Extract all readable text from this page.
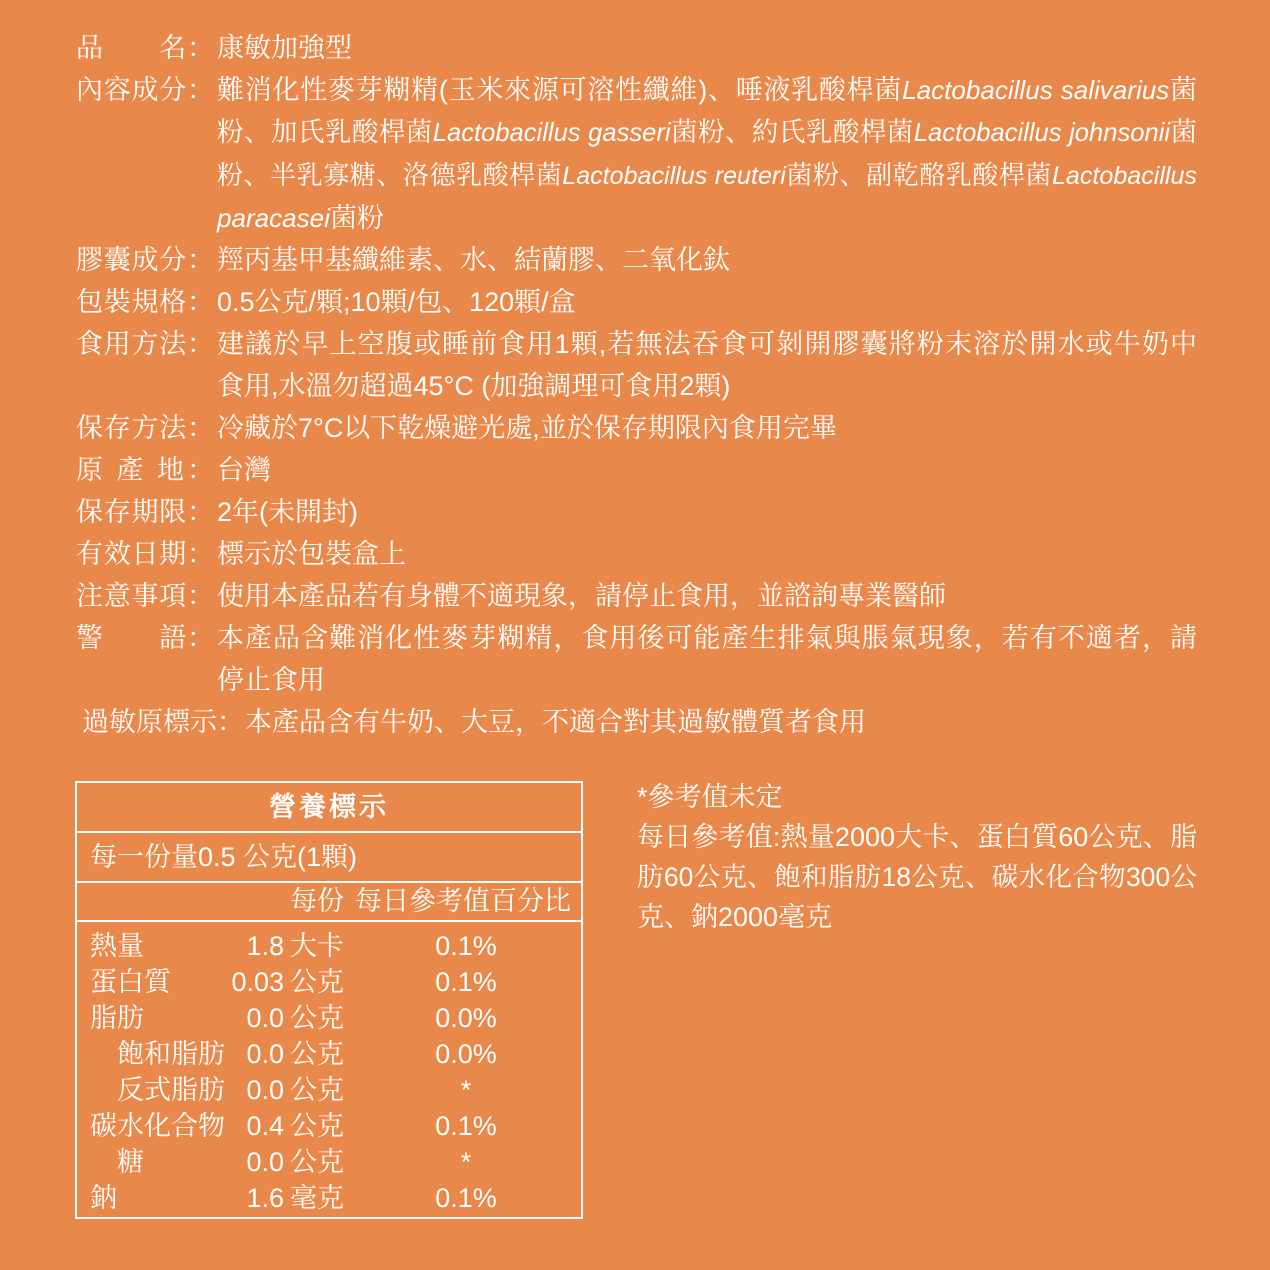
品　　名： 康敏加強型
內容成分： 難消化性麥芽糊精(玉米來源可溶性纖維)、唾液乳酸桿菌Lactobacillus salivarius菌
粉、加氏乳酸桿菌Lactobacillus gasseri菌粉、約氏乳酸桿菌Lactobacillus johnsonii菌
粉、半乳寡糖、洛德乳酸桿菌Lactobacillus reuteri菌粉、副乾酪乳酸桿菌Lactobacillus
paracasei菌粉
膠囊成分： 羥丙基甲基纖維素、水、結蘭膠、二氧化鈦
包裝規格： 0.5公克/顆;10顆/包、120顆/盒
食用方法： 建議於早上空腹或睡前食用1顆,若無法吞食可剝開膠囊將粉末溶於開水或牛奶中
食用,水溫勿超過45°C (加強調理可食用2顆)
保存方法： 冷藏於7°C以下乾燥避光處,並於保存期限內食用完畢
原 產 地： 台灣
保存期限： 2年(未開封)
有效日期： 標示於包裝盒上
注意事項： 使用本產品若有身體不適現象，請停止食用，並諮詢專業醫師
警　　語： 本產品含難消化性麥芽糊精，食用後可能產生排氣與脹氣現象，若有不適者，請
停止食用
過敏原標示： 本產品含有牛奶、大豆，不適合對其過敏體質者食用
營養標示
每一份量0.5 公克(1顆)
每份 每日參考值百分比
熱量	1.8 大卡	0.1%
蛋白質	0.03 公克	0.1%
脂肪	0.0 公克	0.0%
飽和脂肪 0.0 公克	0.0%
反式脂肪 0.0 公克	*
碳水化合物 0.4 公克	0.1%
糖	0.0 公克	*
鈉	1.6 毫克	0.1%
*參考值未定
每日參考值:熱量2000大卡、蛋白質60公克、脂
肪60公克、飽和脂肪18公克、碳水化合物300公
克、鈉2000毫克
